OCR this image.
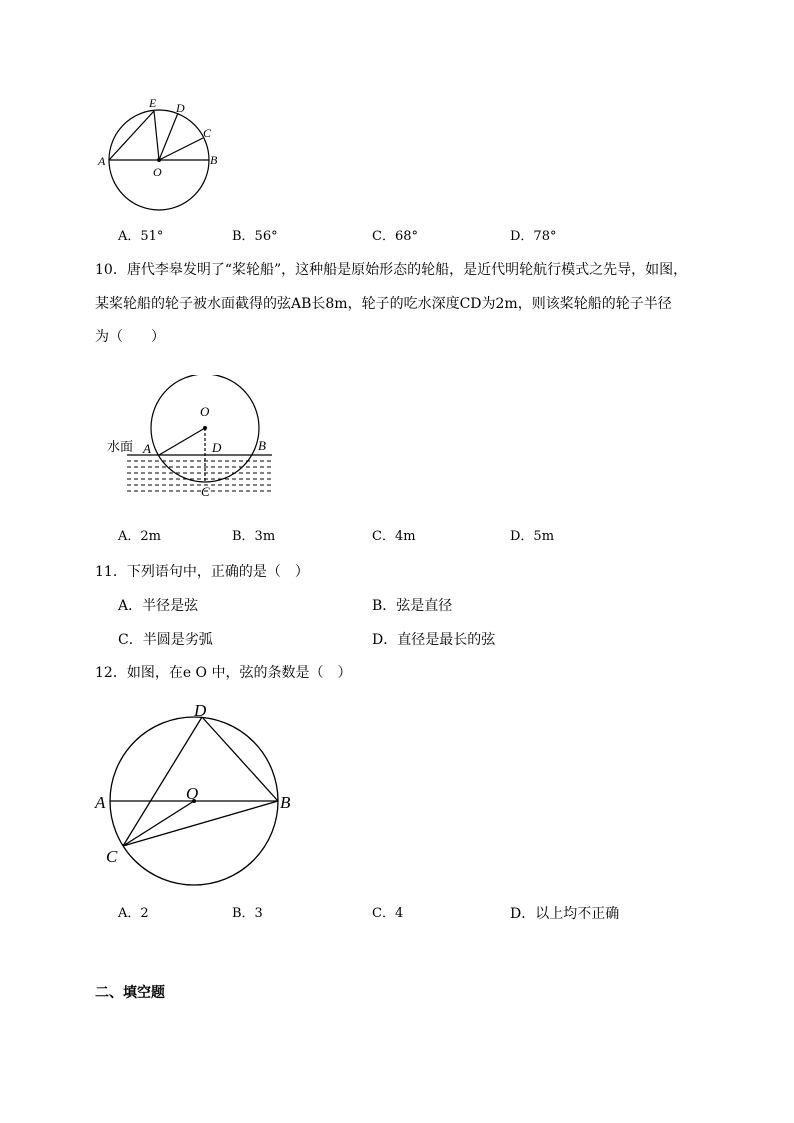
E D
C
A	B
O
A．51°	B．56°	C．68°	D．78°
10．唐代李皋发明了“桨轮船”，这种船是原始形态的轮船，是近代明轮航行模式之先导，如图，
某桨轮船的轮子被水面截得的弦AB长8m，轮子的吃水深度CD为2m，则该桨轮船的轮子半径
为（　　）
水面
O
A	D	B
C
A．2m	B．3m	C．4m	D．5m
11．下列语句中，正确的是（　）
A．半径是弦	B．弦是直径
C．半圆是劣弧	D．直径是最长的弦
12．如图，在e O 中，弦的条数是（　）
D
A	O	B
C
A．2	B．3	C．4	D．以上均不正确
二、填空题
